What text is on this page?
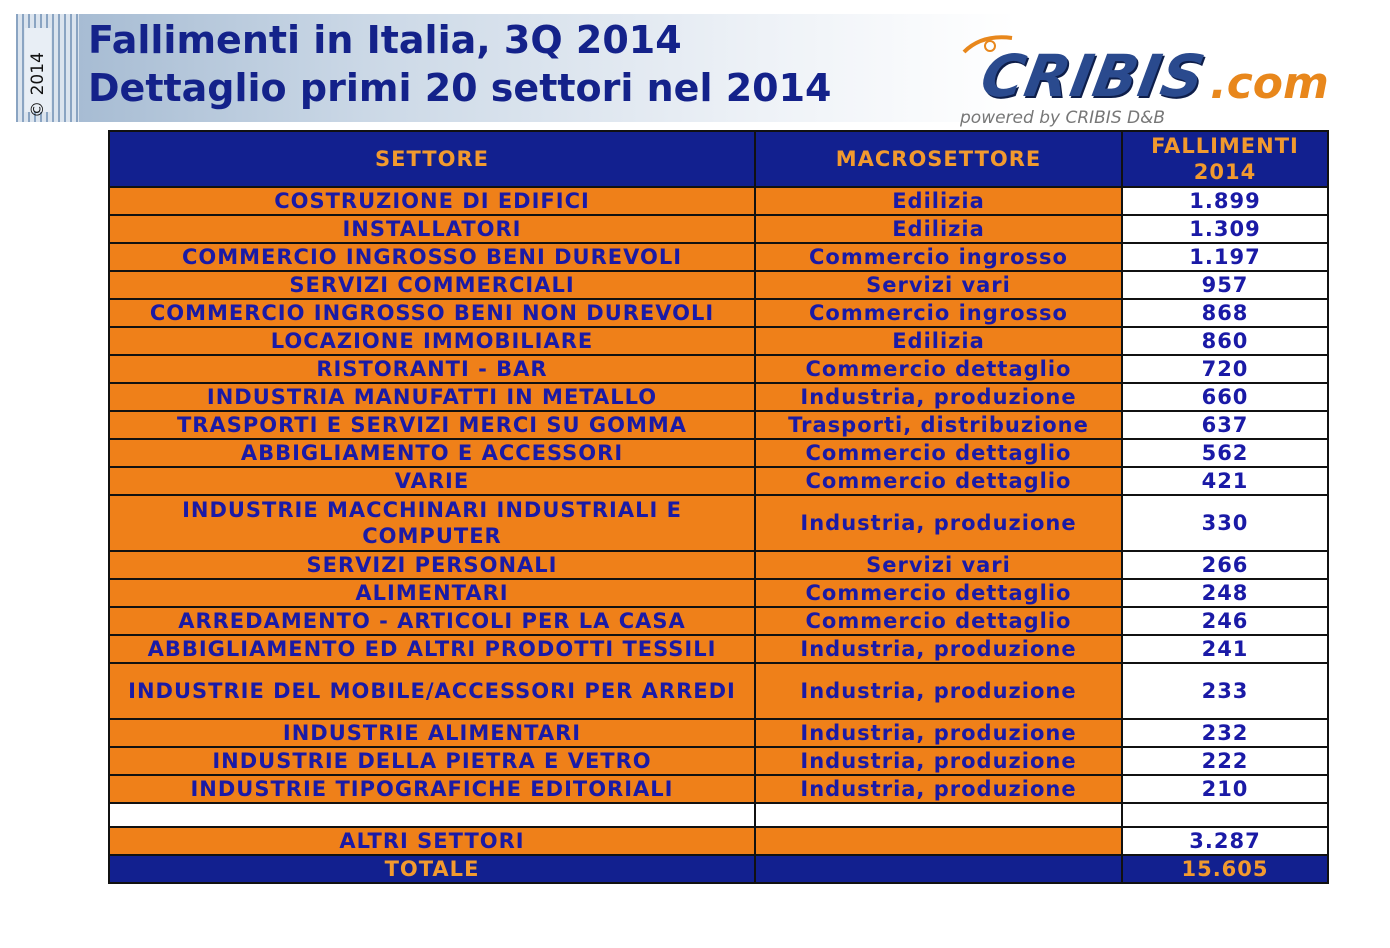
© 2014
Fallimenti in Italia, 3Q 2014
Dettaglio primi 20 settori nel 2014 CRIBIS .com
powered by CRIBIS D&B
SETTORE	MACROSETTORE	FALLIMENTI 2014
COSTRUZIONE DI EDIFICI	Edilizia	1.899
INSTALLATORI	Edilizia	1.309
COMMERCIO INGROSSO BENI DUREVOLI	Commercio ingrosso	1.197
SERVIZI COMMERCIALI	Servizi vari	957
COMMERCIO INGROSSO BENI NON DUREVOLI	Commercio ingrosso	868
LOCAZIONE IMMOBILIARE	Edilizia	860
RISTORANTI - BAR	Commercio dettaglio	720
INDUSTRIA MANUFATTI IN METALLO	Industria, produzione	660
TRASPORTI E SERVIZI MERCI SU GOMMA	Trasporti, distribuzione	637
ABBIGLIAMENTO E ACCESSORI	Commercio dettaglio	562
VARIE	Commercio dettaglio	421
INDUSTRIE MACCHINARI INDUSTRIALI E COMPUTER	Industria, produzione	330
SERVIZI PERSONALI	Servizi vari	266
ALIMENTARI	Commercio dettaglio	248
ARREDAMENTO - ARTICOLI PER LA CASA	Commercio dettaglio	246
ABBIGLIAMENTO ED ALTRI PRODOTTI TESSILI	Industria, produzione	241
INDUSTRIE DEL MOBILE/ACCESSORI PER ARREDI	Industria, produzione	233
INDUSTRIE ALIMENTARI	Industria, produzione	232
INDUSTRIE DELLA PIETRA E VETRO	Industria, produzione	222
INDUSTRIE TIPOGRAFICHE EDITORIALI	Industria, produzione	210

ALTRI SETTORI		3.287
TOTALE		15.605
